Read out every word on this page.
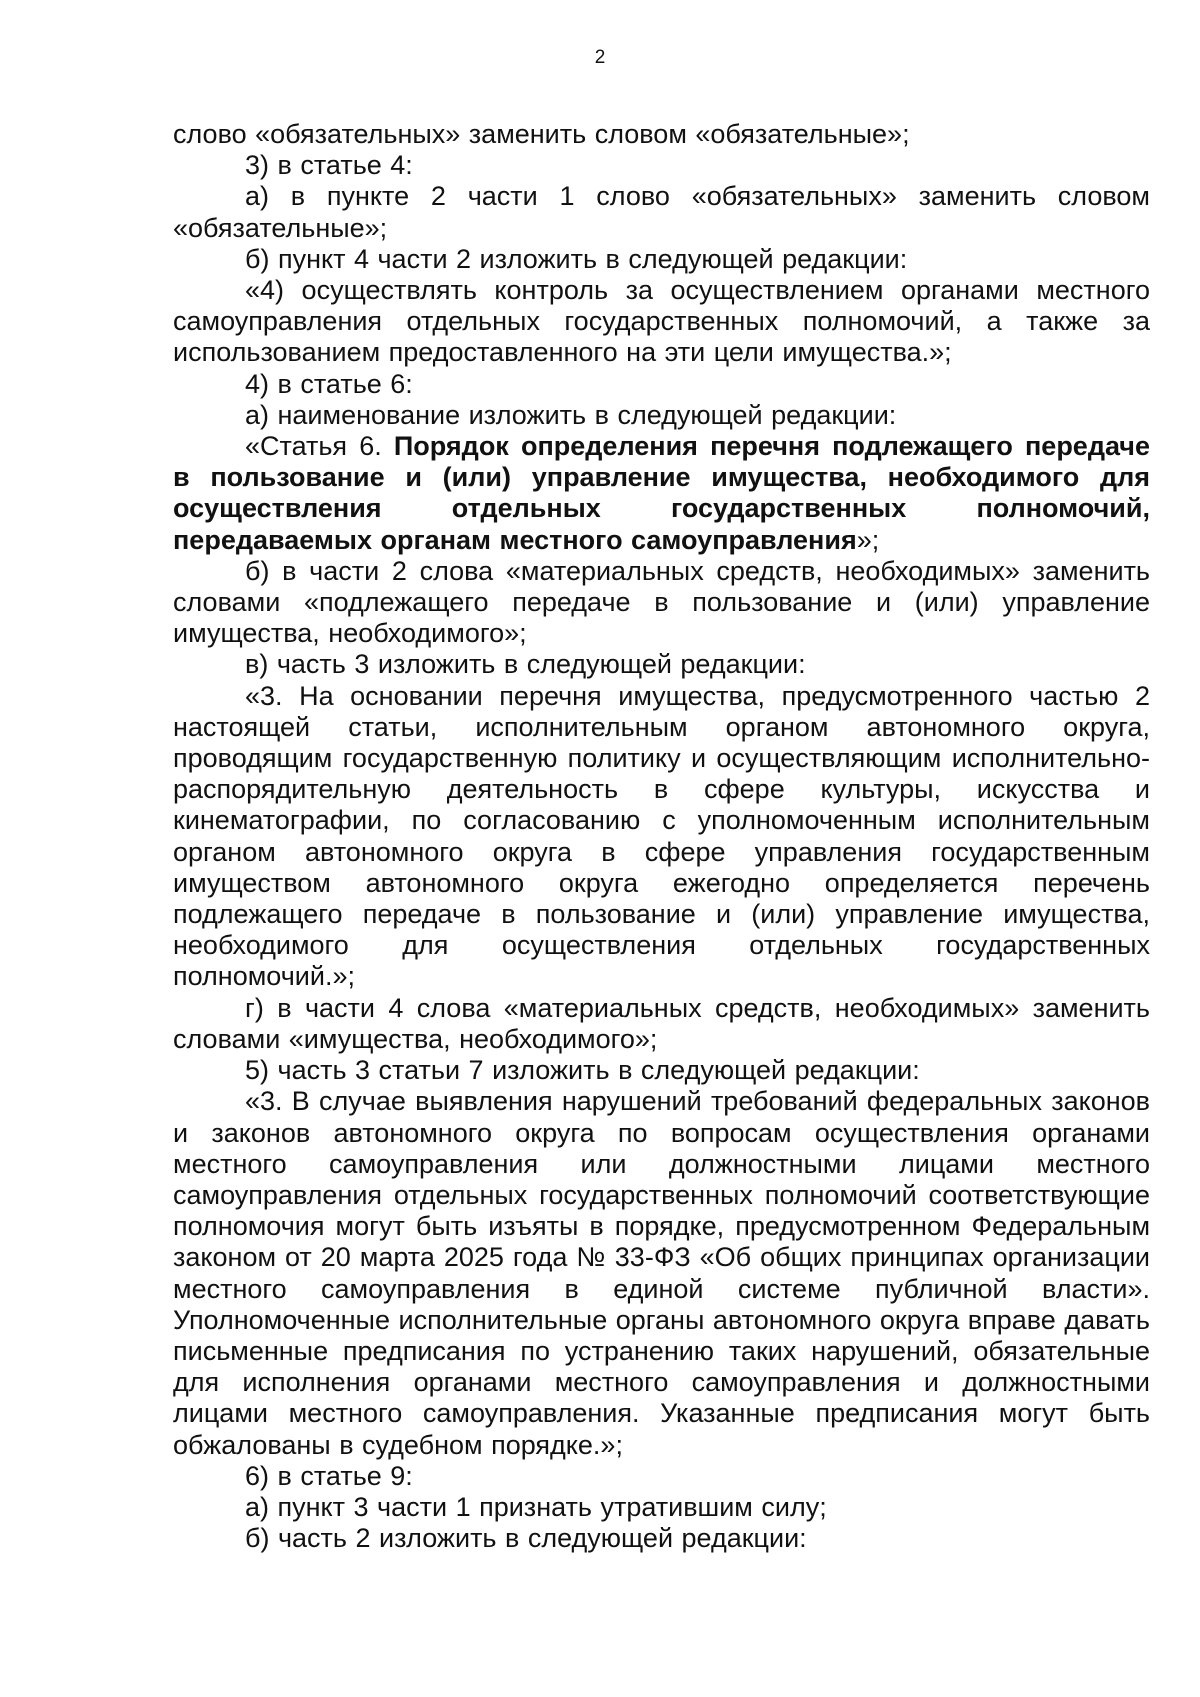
2

слово «обязательных» заменить словом «обязательные»;

3) в статье 4:

а) в пункте 2 части 1 слово «обязательных» заменить словом «обязательные»;

б) пункт 4 части 2 изложить в следующей редакции:

«4) осуществлять контроль за осуществлением органами местного самоуправления отдельных государственных полномочий, а также за использованием предоставленного на эти цели имущества.»;

4) в статье 6:

а) наименование изложить в следующей редакции:

«Статья 6. Порядок определения перечня подлежащего передаче в пользование и (или) управление имущества, необходимого для осуществления отдельных государственных полномочий, передаваемых органам местного самоуправления»;

б) в части 2 слова «материальных средств, необходимых» заменить словами «подлежащего передаче в пользование и (или) управление имущества, необходимого»;

в) часть 3 изложить в следующей редакции:

«3. На основании перечня имущества, предусмотренного частью 2 настоящей статьи, исполнительным органом автономного округа, проводящим государственную политику и осуществляющим исполнительно-распорядительную деятельность в сфере культуры, искусства и кинематографии, по согласованию с уполномоченным исполнительным органом автономного округа в сфере управления государственным имуществом автономного округа ежегодно определяется перечень подлежащего передаче в пользование и (или) управление имущества, необходимого для осуществления отдельных государственных полномочий.»;

г) в части 4 слова «материальных средств, необходимых» заменить словами «имущества, необходимого»;

5) часть 3 статьи 7 изложить в следующей редакции:

«3. В случае выявления нарушений требований федеральных законов и законов автономного округа по вопросам осуществления органами местного самоуправления или должностными лицами местного самоуправления отдельных государственных полномочий соответствующие полномочия могут быть изъяты в порядке, предусмотренном Федеральным законом от 20 марта 2025 года № 33-ФЗ «Об общих принципах организации местного самоуправления в единой системе публичной власти». Уполномоченные исполнительные органы автономного округа вправе давать письменные предписания по устранению таких нарушений, обязательные для исполнения органами местного самоуправления и должностными лицами местного самоуправления. Указанные предписания могут быть обжалованы в судебном порядке.»;

6) в статье 9:

а) пункт 3 части 1 признать утратившим силу;

б) часть 2 изложить в следующей редакции:
